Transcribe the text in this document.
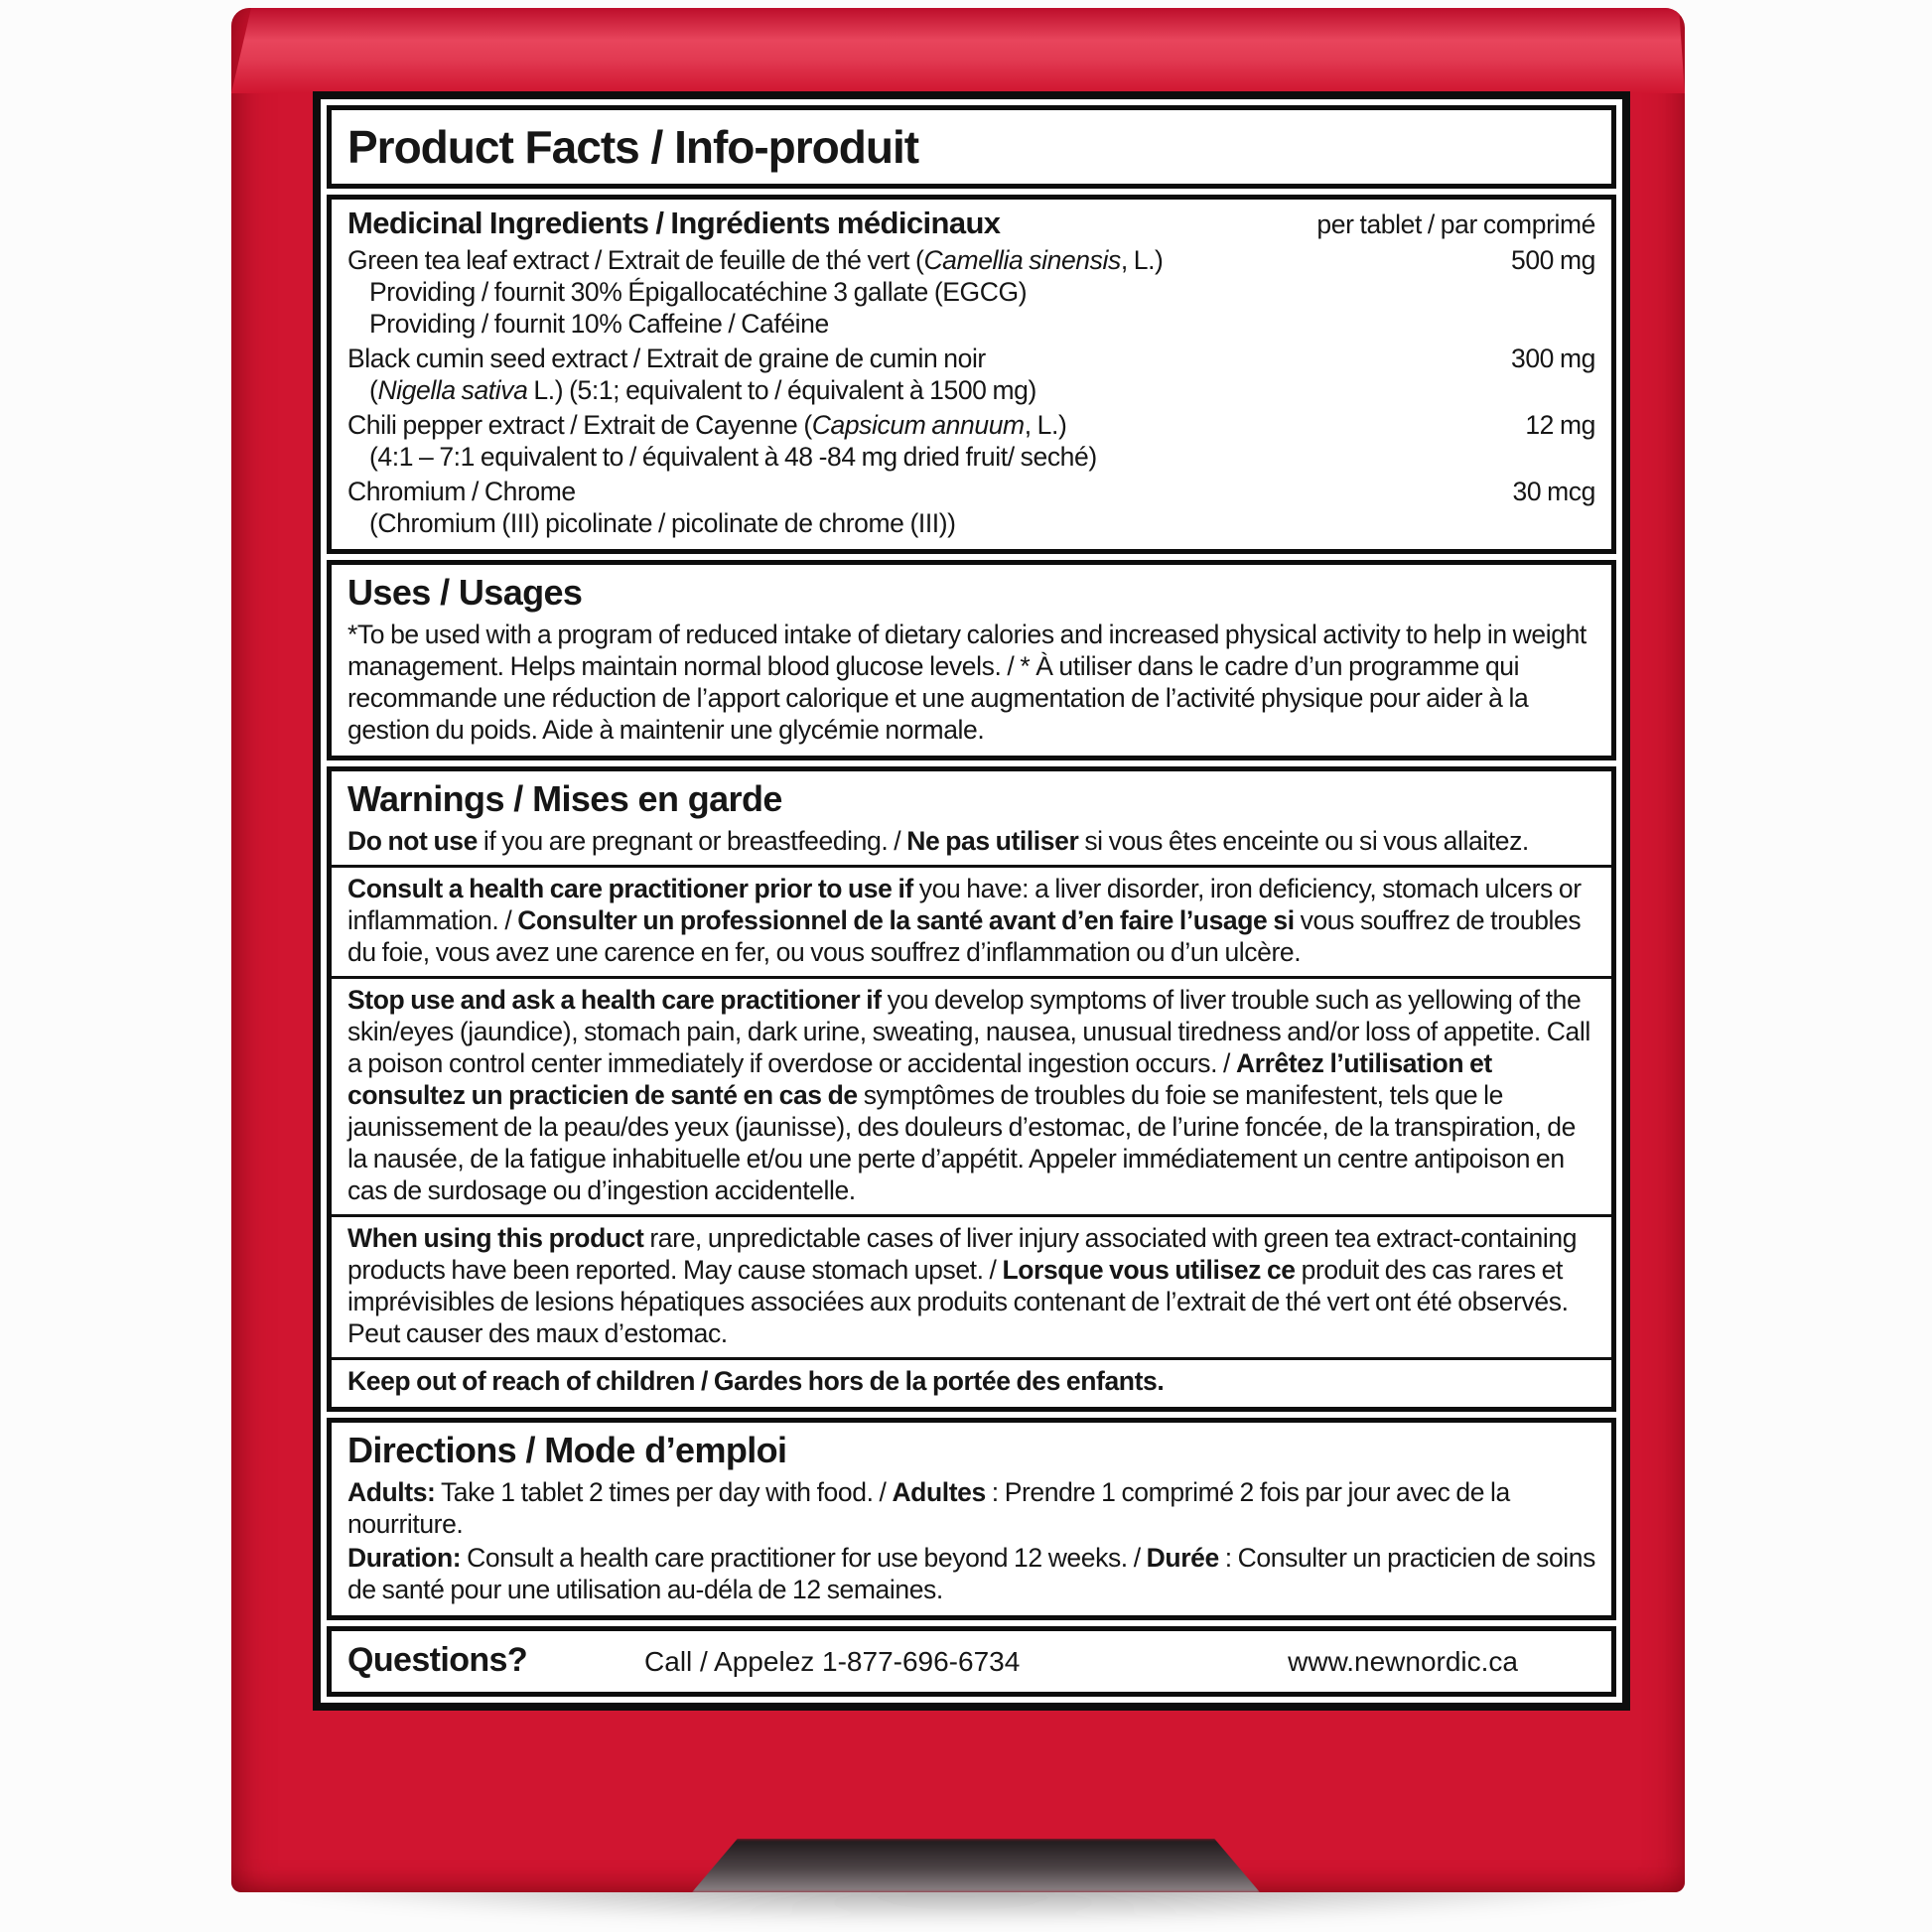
Product Facts / Info-produit
Medicinal Ingredients / Ingrédients médicinaux	per tablet / par comprimé
Green tea leaf extract / Extrait de feuille de thé vert (Camellia sinensis, L.)	500 mg
Providing / fournit 30% Épigallocatéchine 3 gallate (EGCG)
Providing / fournit 10% Caffeine / Caféine
Black cumin seed extract / Extrait de graine de cumin noir	300 mg
(Nigella sativa L.) (5:1; equivalent to / équivalent à 1500 mg)
Chili pepper extract / Extrait de Cayenne (Capsicum annuum, L.)	12 mg
(4:1 – 7:1 equivalent to / équivalent à 48 -84 mg dried fruit/ seché)
Chromium / Chrome	30 mcg
(Chromium (III) picolinate / picolinate de chrome (III))
Uses / Usages

*To be used with a program of reduced intake of dietary calories and increased physical activity to help in weight management. Helps maintain normal blood glucose levels. / * À utiliser dans le cadre d’un programme qui recommande une réduction de l’apport calorique et une augmentation de l’activité physique pour aider à la gestion du poids. Aide à maintenir une glycémie normale.

Warnings / Mises en garde

Do not use if you are pregnant or breastfeeding. / Ne pas utiliser si vous êtes enceinte ou si vous allaitez.

Consult a health care practitioner prior to use if you have: a liver disorder, iron deficiency, stomach ulcers or inflammation. / Consulter un professionnel de la santé avant d’en faire l’usage si vous souffrez de troubles du foie, vous avez une carence en fer, ou vous souffrez d’inflammation ou d’un ulcère.

Stop use and ask a health care practitioner if you develop symptoms of liver trouble such as yellowing of the skin/eyes (jaundice), stomach pain, dark urine, sweating, nausea, unusual tiredness and/or loss of appetite. Call a poison control center immediately if overdose or accidental ingestion occurs. / Arrêtez l’utilisation et consultez un practicien de santé en cas de symptômes de troubles du foie se manifestent, tels que le jaunissement de la peau/des yeux (jaunisse), des douleurs d’estomac, de l’urine foncée, de la transpiration, de la nausée, de la fatigue inhabituelle et/ou une perte d’appétit. Appeler immédiatement un centre antipoison en cas de surdosage ou d’ingestion accidentelle.

When using this product rare, unpredictable cases of liver injury associated with green tea extract-containing products have been reported. May cause stomach upset. / Lorsque vous utilisez ce produit des cas rares et imprévisibles de lesions hépatiques associées aux produits contenant de l’extrait de thé vert ont été observés. Peut causer des maux d’estomac.

Keep out of reach of children / Gardes hors de la portée des enfants.

Directions / Mode d’emploi

Adults: Take 1 tablet 2 times per day with food. / Adultes : Prendre 1 comprimé 2 fois par jour avec de la nourriture.

Duration: Consult a health care practitioner for use beyond 12 weeks. / Durée : Consulter un practicien de soins de santé pour une utilisation au-déla de 12 semaines.

Questions?	Call / Appelez 1-877-696-6734	www.newnordic.ca
